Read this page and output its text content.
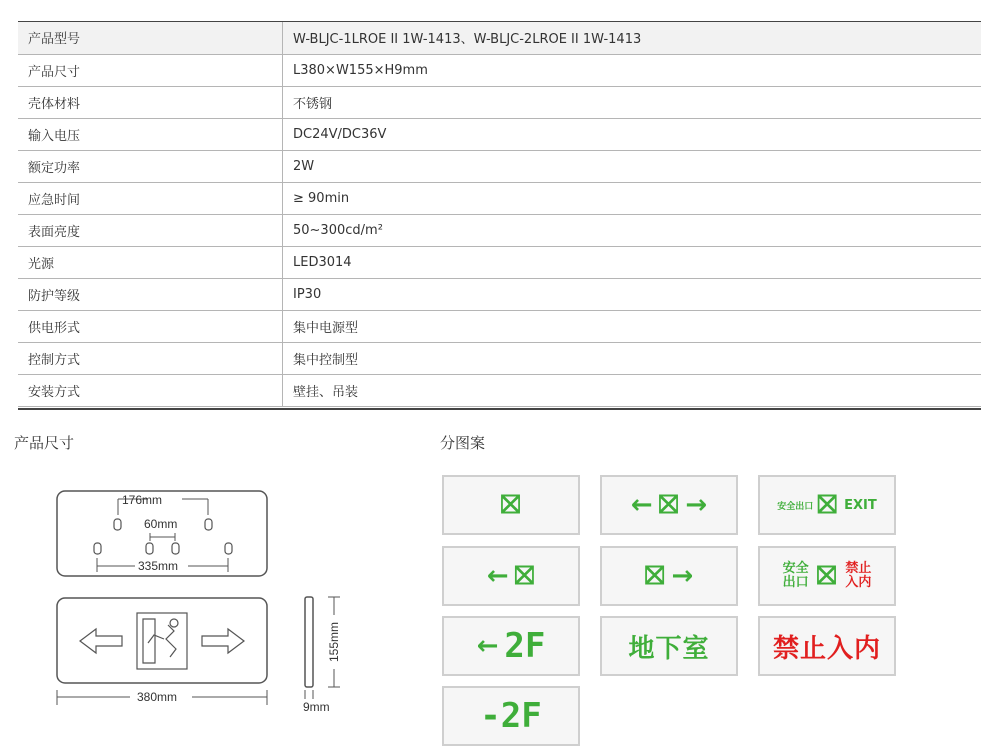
产品型号	W-BLJC-1LROE II 1W-1413、W-BLJC-2LROE II 1W-1413
产品尺寸	L380×W155×H9mm
壳体材料	不锈钢
输入电压	DC24V/DC36V
额定功率	2W
应急时间	≥ 90min
表面亮度	50~300cd/m²
光源	LED3014
防护等级	IP30
供电形式	集中电源型
控制方式	集中控制型
安装方式	壁挂、吊装
产品尺寸	分图案
176mm
60mm
335mm
380mm
9mm
155mm
⛝	← ⛝ →	安全出口 ⛝ EXIT
← ⛝	⛝ →	安全
出口 ⛝ 禁止
入内
← 2F	地下室 禁止入内
-2F
